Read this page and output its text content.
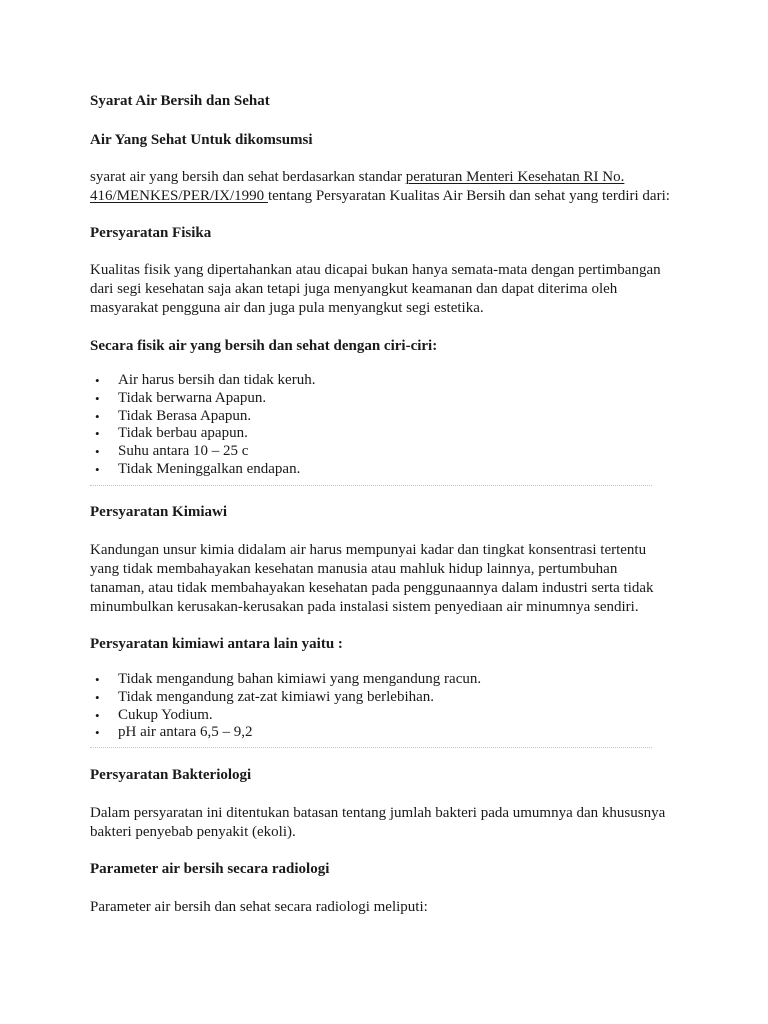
Syarat Air Bersih dan Sehat
Air Yang Sehat Untuk dikomsumsi
syarat air yang bersih dan sehat berdasarkan standar peraturan Menteri Kesehatan RI No.
416/MENKES/PER/IX/1990 tentang Persyaratan Kualitas Air Bersih dan sehat yang terdiri dari:
Persyaratan Fisika
Kualitas fisik yang dipertahankan atau dicapai bukan hanya semata-mata dengan pertimbangan
dari segi kesehatan saja akan tetapi juga menyangkut keamanan dan dapat diterima oleh
masyarakat pengguna air dan juga pula menyangkut segi estetika.
Secara fisik air yang bersih dan sehat dengan ciri-ciri:
• Air harus bersih dan tidak keruh.
• Tidak berwarna Apapun.
• Tidak Berasa Apapun.
• Tidak berbau apapun.
• Suhu antara 10 – 25 c
• Tidak Meninggalkan endapan.
Persyaratan Kimiawi
Kandungan unsur kimia didalam air harus mempunyai kadar dan tingkat konsentrasi tertentu
yang tidak membahayakan kesehatan manusia atau mahluk hidup lainnya, pertumbuhan
tanaman, atau tidak membahayakan kesehatan pada penggunaannya dalam industri serta tidak
minumbulkan kerusakan-kerusakan pada instalasi sistem penyediaan air minumnya sendiri.
Persyaratan kimiawi antara lain yaitu :
• Tidak mengandung bahan kimiawi yang mengandung racun.
• Tidak mengandung zat-zat kimiawi yang berlebihan.
• Cukup Yodium.
• pH air antara 6,5 – 9,2
Persyaratan Bakteriologi
Dalam persyaratan ini ditentukan batasan tentang jumlah bakteri pada umumnya dan khususnya
bakteri penyebab penyakit (ekoli).
Parameter air bersih secara radiologi
Parameter air bersih dan sehat secara radiologi meliputi:
